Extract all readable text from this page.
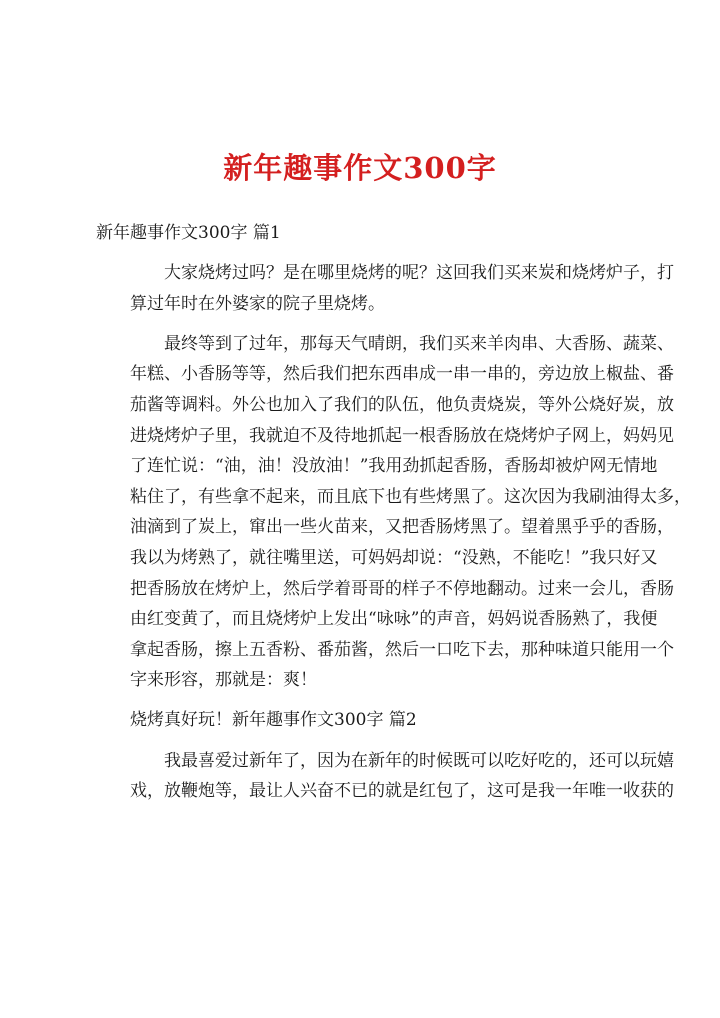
新年趣事作文300字
新年趣事作文300字 篇1

大家烧烤过吗？是在哪里烧烤的呢？这回我们买来炭和烧烤炉子，打
算过年时在外婆家的院子里烧烤。

最终等到了过年，那每天气晴朗，我们买来羊肉串、大香肠、蔬菜、
年糕、小香肠等等，然后我们把东西串成一串一串的，旁边放上椒盐、番
茄酱等调料。外公也加入了我们的队伍，他负责烧炭，等外公烧好炭，放
进烧烤炉子里，我就迫不及待地抓起一根香肠放在烧烤炉子网上，妈妈见
了连忙说：“油，油！没放油！”我用劲抓起香肠，香肠却被炉网无情地
粘住了，有些拿不起来，而且底下也有些烤黑了。这次因为我刷油得太多，
油滴到了炭上，窜出一些火苗来，又把香肠烤黑了。望着黑乎乎的香肠，
我以为烤熟了，就往嘴里送，可妈妈却说：“没熟，不能吃！”我只好又
把香肠放在烤炉上，然后学着哥哥的样子不停地翻动。过来一会儿，香肠
由红变黄了，而且烧烤炉上发出“咏咏”的声音，妈妈说香肠熟了，我便
拿起香肠，擦上五香粉、番茄酱，然后一口吃下去，那种味道只能用一个
字来形容，那就是：爽！

烧烤真好玩！新年趣事作文300字 篇2

我最喜爱过新年了，因为在新年的时候既可以吃好吃的，还可以玩嬉
戏，放鞭炮等，最让人兴奋不已的就是红包了，这可是我一年唯一收获的
